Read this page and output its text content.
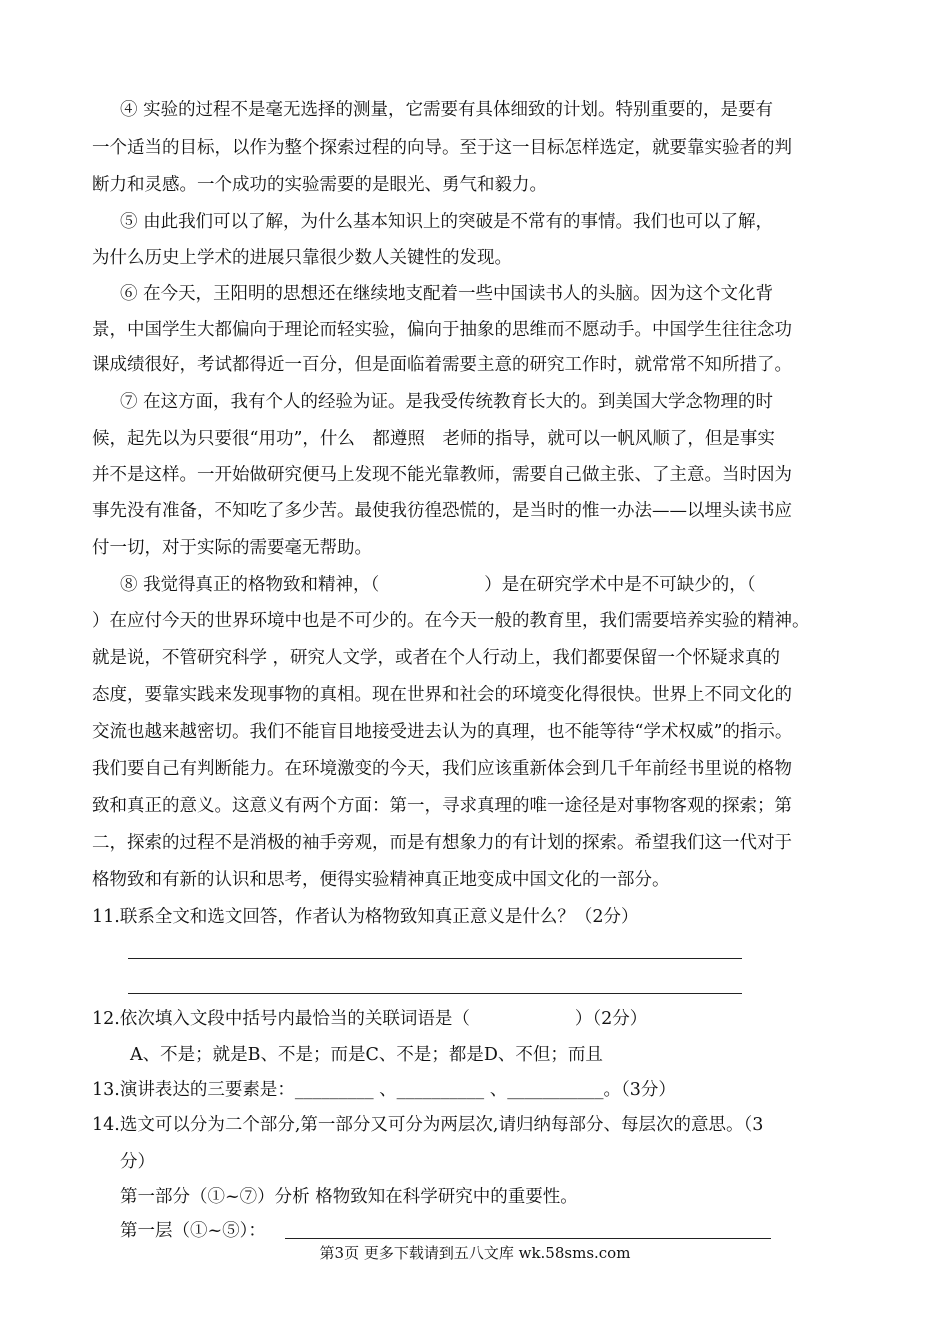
④ 实验的过程不是毫无选择的测量，它需要有具体细致的计划。特别重要的，是要有
一个适当的目标，以作为整个探索过程的向导。至于这一目标怎样选定，就要靠实验者的判
断力和灵感。一个成功的实验需要的是眼光、勇气和毅力。
⑤ 由此我们可以了解，为什么基本知识上的突破是不常有的事情。我们也可以了解，
为什么历史上学术的进展只靠很少数人关键性的发现。
⑥ 在今天，王阳明的思想还在继续地支配着一些中国读书人的头脑。因为这个文化背
景，中国学生大都偏向于理论而轻实验，偏向于抽象的思维而不愿动手。中国学生往往念功
课成绩很好，考试都得近一百分，但是面临着需要主意的研究工作时，就常常不知所措了。
⑦ 在这方面，我有个人的经验为证。是我受传统教育长大的。到美国大学念物理的时
候，起先以为只要很“用功”，什么　都遵照　老师的指导，就可以一帆风顺了，但是事实
并不是这样。一开始做研究便马上发现不能光靠教师，需要自己做主张、了主意。当时因为
事先没有准备，不知吃了多少苦。最使我彷徨恐慌的，是当时的惟一办法——以埋头读书应
付一切，对于实际的需要毫无帮助。
⑧ 我觉得真正的格物致和精神，（　　　　　　）是在研究学术中是不可缺少的，（
）在应付今天的世界环境中也是不可少的。在今天一般的教育里，我们需要培养实验的精神。
就是说，不管研究科学 ，研究人文学，或者在个人行动上，我们都要保留一个怀疑求真的
态度，要靠实践来发现事物的真相。现在世界和社会的环境变化得很快。世界上不同文化的
交流也越来越密切。我们不能盲目地接受进去认为的真理，也不能等待“学术权威”的指示。
我们要自己有判断能力。在环境激变的今天，我们应该重新体会到几千年前经书里说的格物
致和真正的意义。这意义有两个方面：第一，寻求真理的唯一途径是对事物客观的探索；第
二，探索的过程不是消极的袖手旁观，而是有想象力的有计划的探索。希望我们这一代对于
格物致和有新的认识和思考，便得实验精神真正地变成中国文化的一部分。
11.联系全文和选文回答，作者认为格物致知真正意义是什么？（2分）
12.依次填入文段中括号内最恰当的关联词语是（　　　　　　）（2分）
A、不是；就是B、不是；而是C、不是；都是D、不但；而且
13.演讲表达的三要素是：_________ 、__________ 、___________。（3分）
14.选文可以分为二个部分,第一部分又可分为两层次,请归纳每部分、每层次的意思。（3
分）
第一部分（①~⑦）分析 格物致知在科学研究中的重要性。
第一层（①~⑤）：
第3页 更多下载请到五八文库 wk.58sms.com
